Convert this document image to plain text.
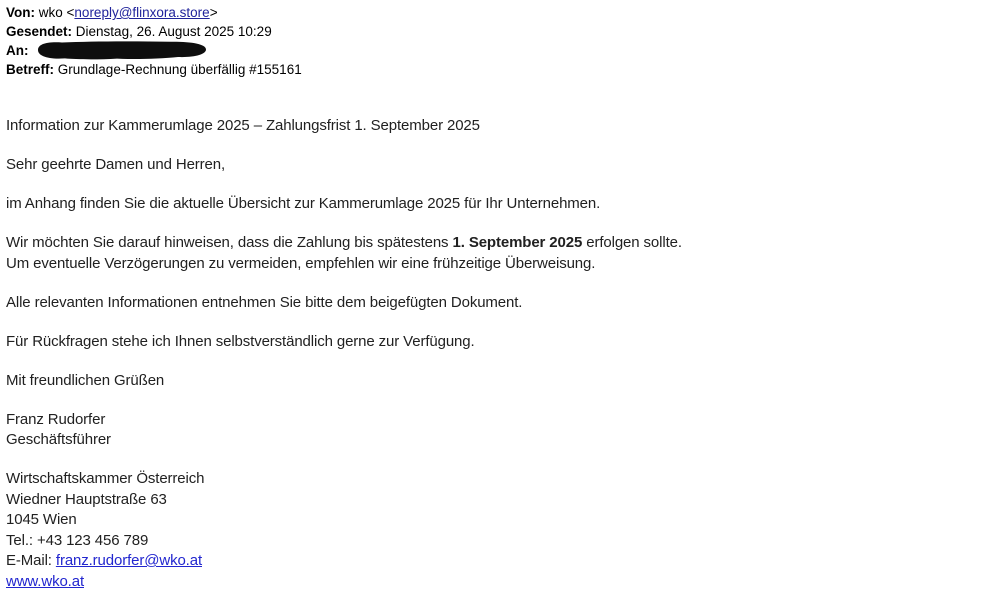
Von: wko <noreply@flinxora.store>
Gesendet: Dienstag, 26. August 2025 10:29
An:
Betreff: Grundlage-Rechnung überfällig #155161

Information zur Kammerumlage 2025 – Zahlungsfrist 1. September 2025

Sehr geehrte Damen und Herren,

im Anhang finden Sie die aktuelle Übersicht zur Kammerumlage 2025 für Ihr Unternehmen.

Wir möchten Sie darauf hinweisen, dass die Zahlung bis spätestens 1. September 2025 erfolgen sollte.
Um eventuelle Verzögerungen zu vermeiden, empfehlen wir eine frühzeitige Überweisung.

Alle relevanten Informationen entnehmen Sie bitte dem beigefügten Dokument.

Für Rückfragen stehe ich Ihnen selbstverständlich gerne zur Verfügung.

Mit freundlichen Grüßen

Franz Rudorfer
Geschäftsführer

Wirtschaftskammer Österreich
Wiedner Hauptstraße 63
1045 Wien
Tel.: +43 123 456 789
E-Mail: franz.rudorfer@wko.at
www.wko.at
